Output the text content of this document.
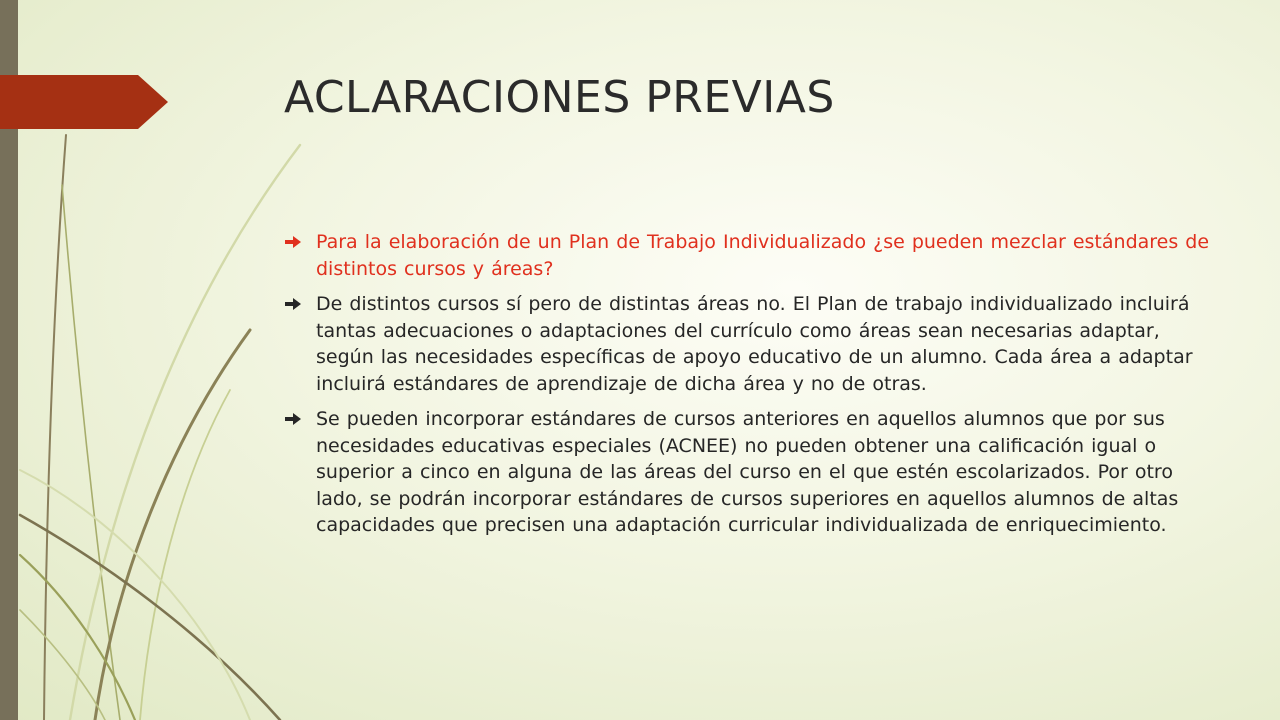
ACLARACIONES PREVIAS
Para la elaboración de un Plan de Trabajo Individualizado ¿se pueden mezclar estándares de distintos cursos y áreas?
De distintos cursos sí pero de distintas áreas no. El Plan de trabajo individualizado incluirá tantas adecuaciones o adaptaciones del currículo como áreas sean necesarias adaptar, según las necesidades específicas de apoyo educativo de un alumno. Cada área a adaptar incluirá estándares de aprendizaje de dicha área y no de otras.
Se pueden incorporar estándares de cursos anteriores en aquellos alumnos que por sus necesidades educativas especiales (ACNEE) no pueden obtener una calificación igual o superior a cinco en alguna de las áreas del curso en el que estén escolarizados. Por otro lado, se podrán incorporar estándares de cursos superiores en aquellos alumnos de altas capacidades que precisen una adaptación curricular individualizada de enriquecimiento.
